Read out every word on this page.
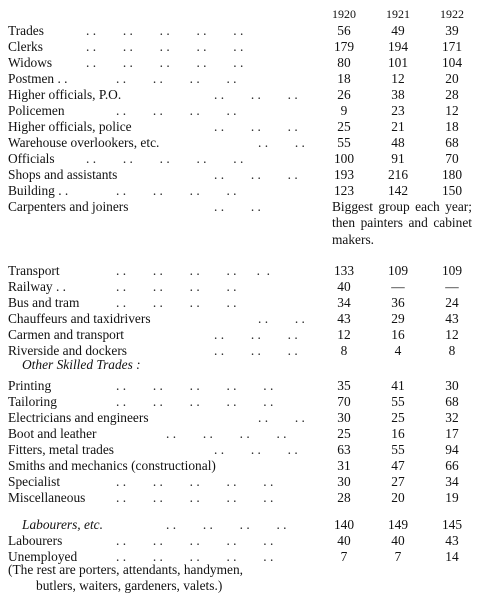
1920	1921	1922
. .        . .        . .        . .        . .
Trades	56	49	39
. .        . .        . .        . .        . .
Clerks	179	194	171
. .        . .        . .        . .        . .
Widows	80	101	104
. .        . .        . .        . .
Postmen . .	18	12	20
. .        . .        . .
Higher officials, P.O.	26	38	28
. .        . .        . .        . .
Policemen	9	23	12
. .        . .        . .
Higher officials, police	25	21	18
. .        . .
Warehouse overlookers, etc.	55	48	68
. .        . .        . .        . .        . .
Officials	100	91	70
. .        . .        . .
Shops and assistants	193	216	180
. .        . .        . .        . .
Building . .	123	142	150
. .        . .
Carpenters and joiners	Biggest group each year; then painters and cabinet makers.
. .        . .        . .        . .      .  .
Transport	133	109	109
. .        . .        . .        . .
Railway . .	40	—	—
. .        . .        . .        . .
Bus and tram	34	36	24
. .        . .
Chauffeurs and taxidrivers	43	29	43
. .        . .        . .
Carmen and transport	12	16	12
. .        . .        . .
Riverside and dockers	8	4	8
Other Skilled Trades :
. .        . .        . .        . .        . .
Printing	35	41	30
. .        . .        . .        . .        . .
Tailoring	70	55	68
. .        . .
Electricians and engineers	30	25	32
. .        . .        . .        . .
Boot and leather	25	16	17
. .        . .        . .
Fitters, metal trades	63	55	94
Smiths and mechanics (constructional)	31	47	66
. .        . .        . .        . .        . .
Specialist	30	27	34
. .        . .        . .        . .        . .
Miscellaneous	28	20	19
Labourers, etc.	. .        . .        . .        . .	140	149	145
. .        . .        . .        . .        . .
Labourers	40	40	43
. .        . .        . .        . .        . .
Unemployed	7	7	14
(The rest are porters, attendants, handymen,
butlers, waiters, gardeners, valets.)
